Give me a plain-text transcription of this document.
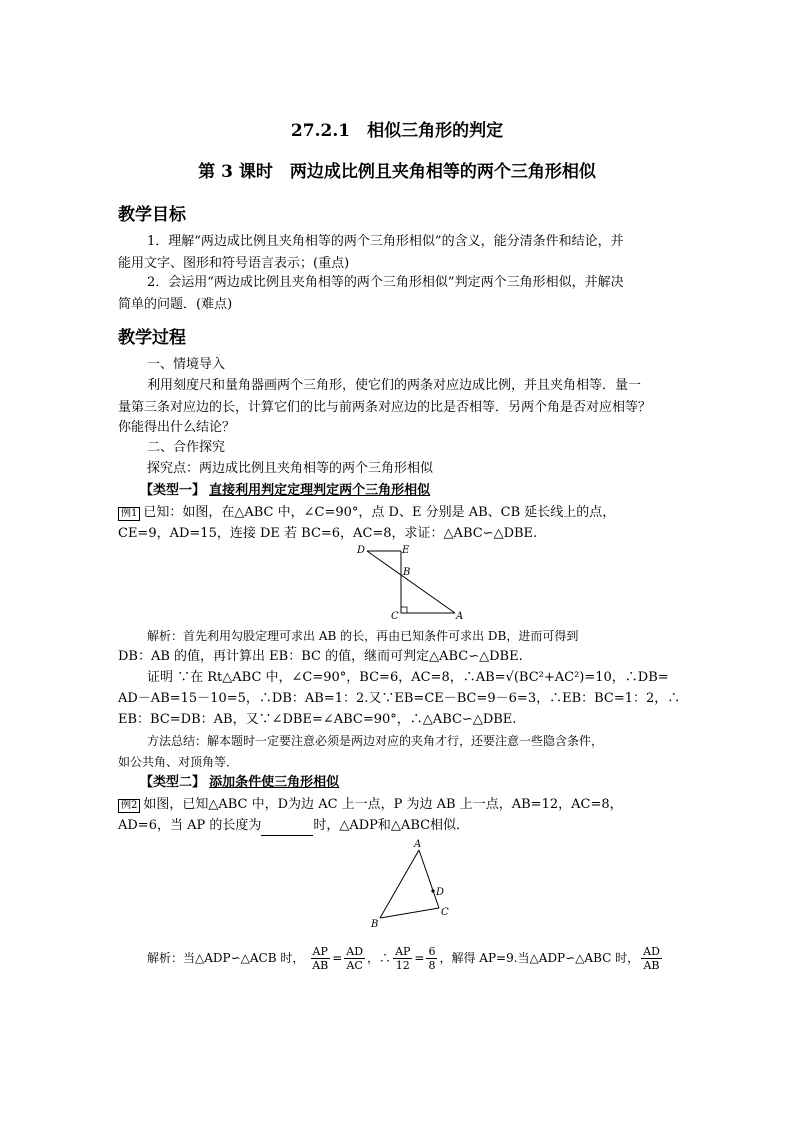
27.2.1　相似三角形的判定
第 3 课时　两边成比例且夹角相等的两个三角形相似
教学目标
1．理解“两边成比例且夹角相等的两个三角形相似”的含义，能分清条件和结论，并
能用文字、图形和符号语言表示；(重点)
2．会运用“两边成比例且夹角相等的两个三角形相似”判定两个三角形相似，并解决
简单的问题．(难点)
教学过程
一、情境导入
利用刻度尺和量角器画两个三角形，使它们的两条对应边成比例，并且夹角相等．量一
量第三条对应边的长，计算它们的比与前两条对应边的比是否相等．另两个角是否对应相等？
你能得出什么结论？
二、合作探究
探究点：两边成比例且夹角相等的两个三角形相似
【类型一】 直接利用判定定理判定两个三角形相似
例1 已知：如图，在△ABC 中，∠C=90°，点 D、E 分别是 AB、CB 延长线上的点，
CE=9，AD=15，连接 DE 若 BC=6，AC=8，求证：△ABC∽△DBE.
D	E
B
C	A
解析：首先利用勾股定理可求出 AB 的长，再由已知条件可求出 DB，进而可得到
DB：AB 的值，再计算出 EB：BC 的值，继而可判定△ABC∽△DBE.
证明 ∵在 Rt△ABC 中，∠C=90°，BC=6，AC=8，∴AB=√(BC²+AC²)=10，∴DB=
AD－AB=15－10=5，∴DB：AB=1：2.又∵EB=CE－BC=9－6=3，∴EB：BC=1：2，∴
EB：BC=DB：AB，又∵∠DBE=∠ABC=90°，∴△ABC∽△DBE.
方法总结：解本题时一定要注意必须是两边对应的夹角才行，还要注意一些隐含条件，
如公共角、对顶角等．
【类型二】 添加条件使三角形相似
例2 如图，已知△ABC 中，D为边 AC 上一点，P 为边 AB 上一点，AB=12，AC=8，
AD=6，当 AP 的长度为	时，△ADP和△ABC相似．
A
B
C
D
解析：当△ADP∽△ACB 时， $\frac{AP}{AB} = \frac{AD}{AC}$ ，∴ $\frac{AP}{12} = \frac{6}{8}$ ，解得 AP=9.当△ADP∽△ABC 时， $\frac{AD}{AB}$
